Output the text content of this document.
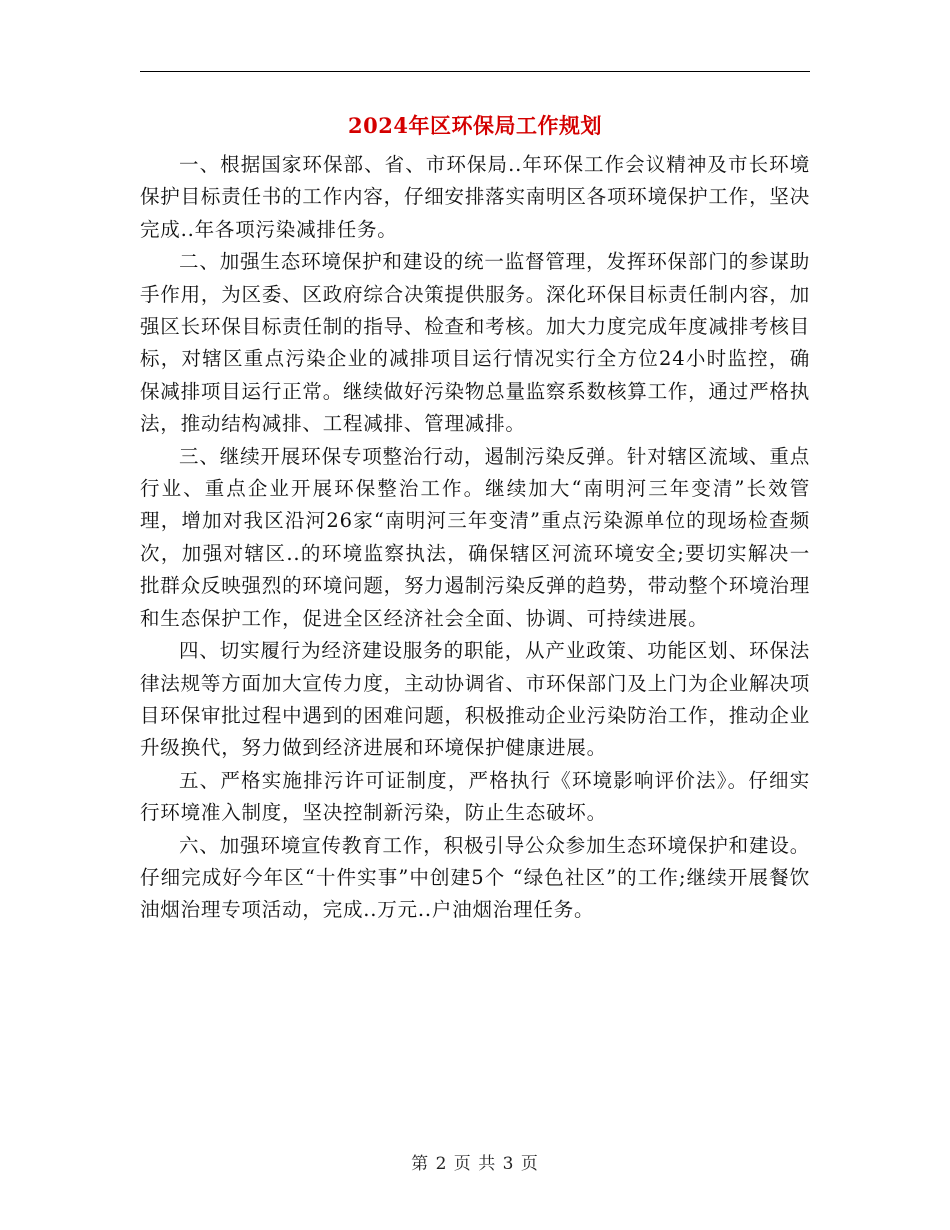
2024年区环保局工作规划

一、根据国家环保部、省、市环保局..年环保工作会议精神及市长环境保护目标责任书的工作内容，仔细安排落实南明区各项环境保护工作，坚决完成..年各项污染减排任务。

二、加强生态环境保护和建设的统一监督管理，发挥环保部门的参谋助手作用，为区委、区政府综合决策提供服务。深化环保目标责任制内容，加强区长环保目标责任制的指导、检查和考核。加大力度完成年度减排考核目标，对辖区重点污染企业的减排项目运行情况实行全方位24小时监控，确保减排项目运行正常。继续做好污染物总量监察系数核算工作，通过严格执法，推动结构减排、工程减排、管理减排。

三、继续开展环保专项整治行动，遏制污染反弹。针对辖区流域、重点行业、重点企业开展环保整治工作。继续加大“南明河三年变清”长效管理，增加对我区沿河26家“南明河三年变清”重点污染源单位的现场检查频次，加强对辖区..的环境监察执法，确保辖区河流环境安全;要切实解决一批群众反映强烈的环境问题，努力遏制污染反弹的趋势，带动整个环境治理和生态保护工作，促进全区经济社会全面、协调、可持续进展。

四、切实履行为经济建设服务的职能，从产业政策、功能区划、环保法律法规等方面加大宣传力度，主动协调省、市环保部门及上门为企业解决项目环保审批过程中遇到的困难问题，积极推动企业污染防治工作，推动企业升级换代，努力做到经济进展和环境保护健康进展。

五、严格实施排污许可证制度，严格执行《环境影响评价法》。仔细实行环境准入制度，坚决控制新污染，防止生态破坏。

六、加强环境宣传教育工作，积极引导公众参加生态环境保护和建设。仔细完成好今年区“十件实事”中创建5个 “绿色社区”的工作;继续开展餐饮油烟治理专项活动，完成..万元..户油烟治理任务。

第 2 页 共 3 页
